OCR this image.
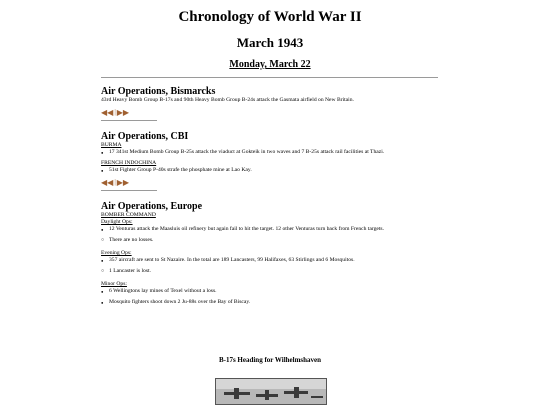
Chronology of World War II
March 1943
Monday, March 22
Air Operations, Bismarcks

43rd Heavy Bomb Group B-17s and 90th Heavy Bomb Group B-24s attack the Gasmata airfield on New Britain.

◀◀ | ▶▶
Air Operations, CBI

BURMA

● 17 341st Medium Bomb Group B-25s attack the viaduct at Gokteik in two waves and 7 B-25s attack rail facilities at Thazi.

FRENCH INDOCHINA

● 51st Fighter Group P-40s strafe the phosphate mine at Lao Kay.
◀◀ | ▶▶
Air Operations, Europe

BOMBER COMMAND

Daylight Ops:

● 12 Venturas attack the Maasluis oil refinery but again fail to hit the target. 12 other Venturas turn back from French targets.
○ There are no losses.

Evening Ops:

● 357 aircraft are sent to St Nazaire. In the total are 189 Lancasters, 99 Halifaxes, 63 Stirlings and 6 Mosquitos.
○ 1 Lancaster is lost.

Minor Ops:

● 6 Wellingtons lay mines of Texel without a loss.
● Mosquito fighters shoot down 2 Ju-88s over the Bay of Biscay.
B-17s Heading for Wilhelmshaven
